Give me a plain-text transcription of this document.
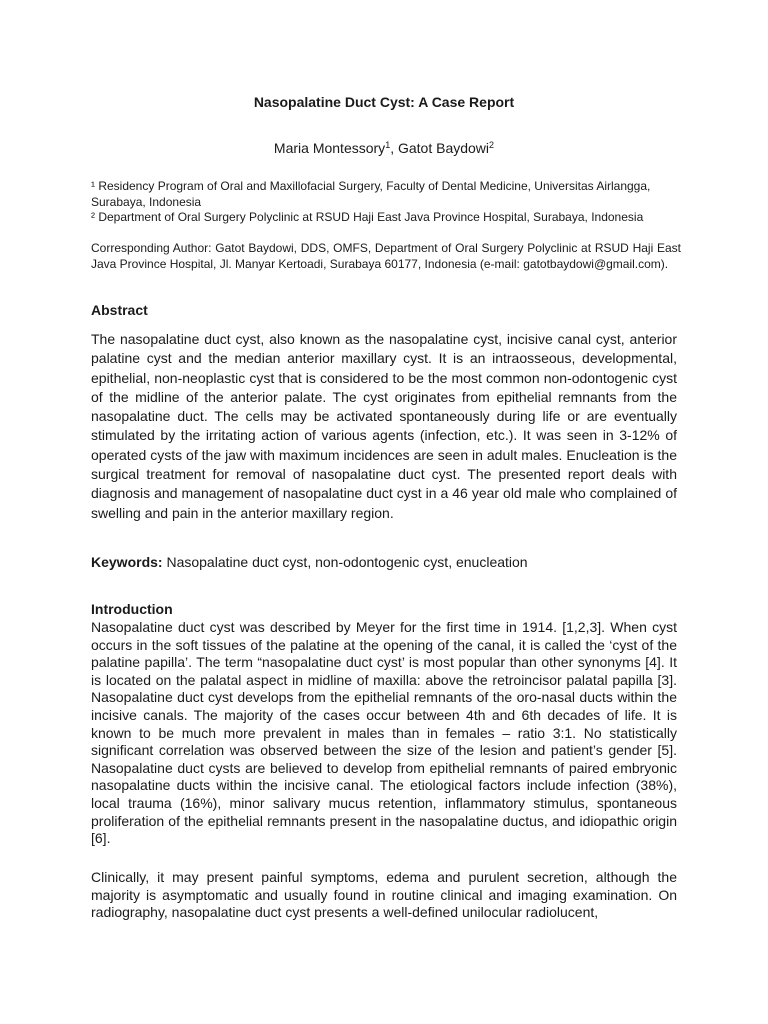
Nasopalatine Duct Cyst: A Case Report
Maria Montessory$^1$, Gatot Baydowi$^2$
¹ Residency Program of Oral and Maxillofacial Surgery, Faculty of Dental Medicine, Universitas Airlangga, Surabaya, Indonesia
² Department of Oral Surgery Polyclinic at RSUD Haji East Java Province Hospital, Surabaya, Indonesia
Corresponding Author: Gatot Baydowi, DDS, OMFS, Department of Oral Surgery Polyclinic at RSUD Haji East Java Province Hospital, Jl. Manyar Kertoadi, Surabaya 60177, Indonesia (e-mail: gatotbaydowi@gmail.com).
Abstract

The nasopalatine duct cyst, also known as the nasopalatine cyst, incisive canal cyst, anterior palatine cyst and the median anterior maxillary cyst. It is an intraosseous, developmental, epithelial, non-neoplastic cyst that is considered to be the most common non-odontogenic cyst of the midline of the anterior palate. The cyst originates from epithelial remnants from the nasopalatine duct. The cells may be activated spontaneously during life or are eventually stimulated by the irritating action of various agents (infection, etc.). It was seen in 3-12% of operated cysts of the jaw with maximum incidences are seen in adult males. Enucleation is the surgical treatment for removal of nasopalatine duct cyst. The presented report deals with diagnosis and management of nasopalatine duct cyst in a 46 year old male who complained of swelling and pain in the anterior maxillary region.

Keywords: Nasopalatine duct cyst, non-odontogenic cyst, enucleation

Introduction

Nasopalatine duct cyst was described by Meyer for the first time in 1914. [1,2,3]. When cyst occurs in the soft tissues of the palatine at the opening of the canal, it is called the ‘cyst of the palatine papilla’. The term “nasopalatine duct cyst’ is most popular than other synonyms [4]. It is located on the palatal aspect in midline of maxilla: above the retroincisor palatal papilla [3]. Nasopalatine duct cyst develops from the epithelial remnants of the oro-nasal ducts within the incisive canals. The majority of the cases occur between 4th and 6th decades of life. It is known to be much more prevalent in males than in females – ratio 3:1. No statistically significant correlation was observed between the size of the lesion and patient’s gender [5]. Nasopalatine duct cysts are believed to develop from epithelial remnants of paired embryonic nasopalatine ducts within the incisive canal. The etiological factors include infection (38%), local trauma (16%), minor salivary mucus retention, inflammatory stimulus, spontaneous proliferation of the epithelial remnants present in the nasopalatine ductus, and idiopathic origin [6].

Clinically, it may present painful symptoms, edema and purulent secretion, although the majority is asymptomatic and usually found in routine clinical and imaging examination. On radiography, nasopalatine duct cyst presents a well-defined unilocular radiolucent,
